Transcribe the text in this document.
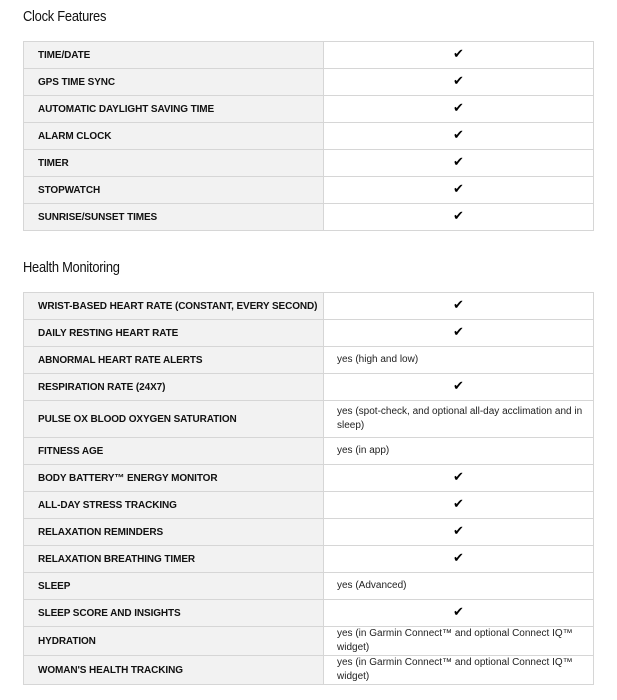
Clock Features
TIME/DATE	✔
GPS TIME SYNC	✔
AUTOMATIC DAYLIGHT SAVING TIME	✔
ALARM CLOCK	✔
TIMER	✔
STOPWATCH	✔
SUNRISE/SUNSET TIMES	✔
Health Monitoring
WRIST-BASED HEART RATE (CONSTANT, EVERY SECOND)	✔
DAILY RESTING HEART RATE	✔
ABNORMAL HEART RATE ALERTS	yes (high and low)
RESPIRATION RATE (24X7)	✔
PULSE OX BLOOD OXYGEN SATURATION	yes (spot-check, and optional all-day acclimation and in sleep)
FITNESS AGE	yes (in app)
BODY BATTERY™ ENERGY MONITOR	✔
ALL-DAY STRESS TRACKING	✔
RELAXATION REMINDERS	✔
RELAXATION BREATHING TIMER	✔
SLEEP	yes (Advanced)
SLEEP SCORE AND INSIGHTS	✔
HYDRATION	yes (in Garmin Connect™ and optional Connect IQ™ widget)
WOMAN'S HEALTH TRACKING	yes (in Garmin Connect™ and optional Connect IQ™ widget)
